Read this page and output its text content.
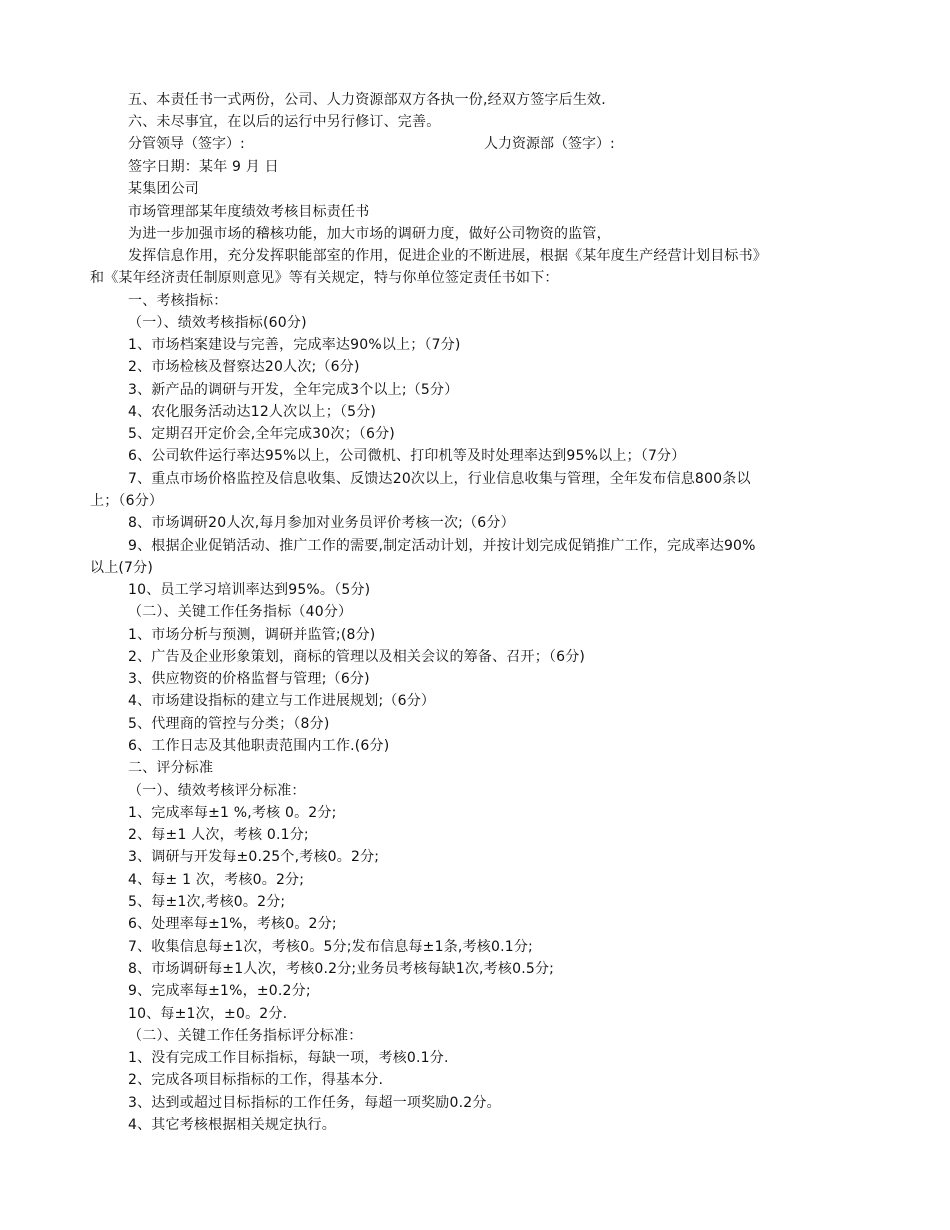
五、本责任书一式两份，公司、人力资源部双方各执一份,经双方签字后生效.
六、未尽事宜，在以后的运行中另行修订、完善。
分管领导（签字）:	人力资源部（签字）:
签字日期：某年 9 月 日
某集团公司
市场管理部某年度绩效考核目标责任书
为进一步加强市场的稽核功能，加大市场的调研力度，做好公司物资的监管，
发挥信息作用，充分发挥职能部室的作用，促进企业的不断进展，根据《某年度生产经营计划目标书》
和《某年经济责任制原则意见》等有关规定，特与你单位签定责任书如下：
一、考核指标：
（一）、绩效考核指标(60分)
1、市场档案建设与完善，完成率达90%以上；（7分)
2、市场检核及督察达20人次;（6分)
3、新产品的调研与开发，全年完成3个以上;（5分）
4、农化服务活动达12人次以上；（5分)
5、定期召开定价会,全年完成30次；（6分)
6、公司软件运行率达95%以上，公司微机、打印机等及时处理率达到95%以上；（7分）
7、重点市场价格监控及信息收集、反馈达20次以上，行业信息收集与管理，全年发布信息800条以
上；（6分）
8、市场调研20人次,每月参加对业务员评价考核一次;（6分）
9、根据企业促销活动、推广工作的需要,制定活动计划，并按计划完成促销推广工作，完成率达90%
以上(7分)
10、员工学习培训率达到95%。（5分)
（二）、关键工作任务指标（40分）
1、市场分析与预测，调研并监管;(8分)
2、广告及企业形象策划，商标的管理以及相关会议的筹备、召开；（6分)
3、供应物资的价格监督与管理;（6分)
4、市场建设指标的建立与工作进展规划;（6分）
5、代理商的管控与分类；（8分)
6、工作日志及其他职责范围内工作.(6分)
二、评分标准
（一）、绩效考核评分标准：
1、完成率每±1 %,考核 0。2分;
2、每±1 人次，考核 0.1分;
3、调研与开发每±0.25个,考核0。2分;
4、每± 1 次，考核0。2分;
5、每±1次,考核0。2分;
6、处理率每±1%，考核0。2分;
7、收集信息每±1次，考核0。5分;发布信息每±1条,考核0.1分;
8、市场调研每±1人次，考核0.2分;业务员考核每缺1次,考核0.5分;
9、完成率每±1%，±0.2分;
10、每±1次，±0。2分.
（二）、关键工作任务指标评分标准：
1、没有完成工作目标指标，每缺一项，考核0.1分.
2、完成各项目标指标的工作，得基本分.
3、达到或超过目标指标的工作任务，每超一项奖励0.2分。
4、其它考核根据相关规定执行。
